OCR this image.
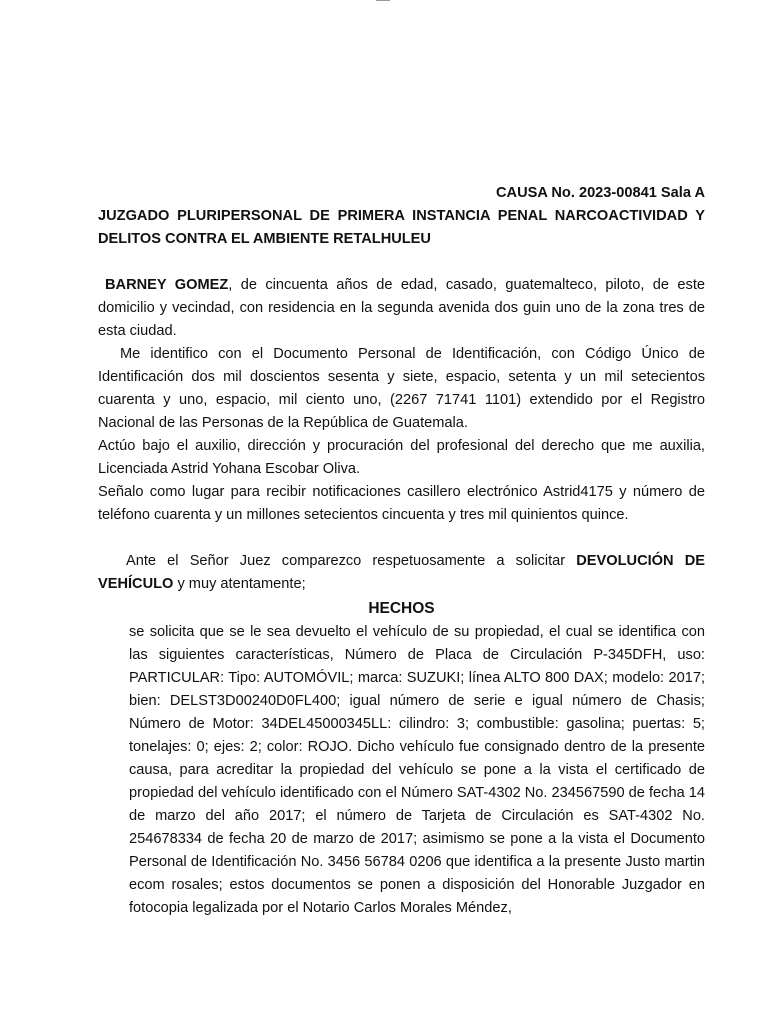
CAUSA No. 2023-00841 Sala A

JUZGADO PLURIPERSONAL DE PRIMERA INSTANCIA PENAL NARCOACTIVIDAD Y DELITOS CONTRA EL AMBIENTE RETALHULEU

BARNEY GOMEZ, de cincuenta años de edad, casado, guatemalteco, piloto, de este domicilio y vecindad, con residencia en la segunda avenida dos guin uno de la zona tres de esta ciudad.

Me identifico con el Documento Personal de Identificación, con Código Único de Identificación dos mil doscientos sesenta y siete, espacio, setenta y un mil setecientos cuarenta y uno, espacio, mil ciento uno, (2267 71741 1101) extendido por el Registro Nacional de las Personas de la República de Guatemala.

Actúo bajo el auxilio, dirección y procuración del profesional del derecho que me auxilia, Licenciada Astrid Yohana Escobar Oliva.

Señalo como lugar para recibir notificaciones casillero electrónico Astrid4175 y número de teléfono cuarenta y un millones setecientos cincuenta y tres mil quinientos quince.

Ante el Señor Juez comparezco respetuosamente a solicitar DEVOLUCIÓN DE VEHÍCULO y muy atentamente;

HECHOS

se solicita que se le sea devuelto el vehículo de su propiedad, el cual se identifica con las siguientes características, Número de Placa de Circulación P-345DFH, uso: PARTICULAR: Tipo: AUTOMÓVIL; marca: SUZUKI; línea ALTO 800 DAX; modelo: 2017; bien: DELST3D00240D0FL400; igual número de serie e igual número de Chasis; Número de Motor: 34DEL45000345LL: cilindro: 3; combustible: gasolina; puertas: 5; tonelajes: 0; ejes: 2; color: ROJO. Dicho vehículo fue consignado dentro de la presente causa, para acreditar la propiedad del vehículo se pone a la vista el certificado de propiedad del vehículo identificado con el Número SAT-4302 No. 234567590 de fecha 14 de marzo del año 2017; el número de Tarjeta de Circulación es SAT-4302 No. 254678334 de fecha 20 de marzo de 2017; asimismo se pone a la vista el Documento Personal de Identificación No. 3456 56784 0206 que identifica a la presente Justo martin ecom rosales; estos documentos se ponen a disposición del Honorable Juzgador en fotocopia legalizada por el Notario Carlos Morales Méndez,
